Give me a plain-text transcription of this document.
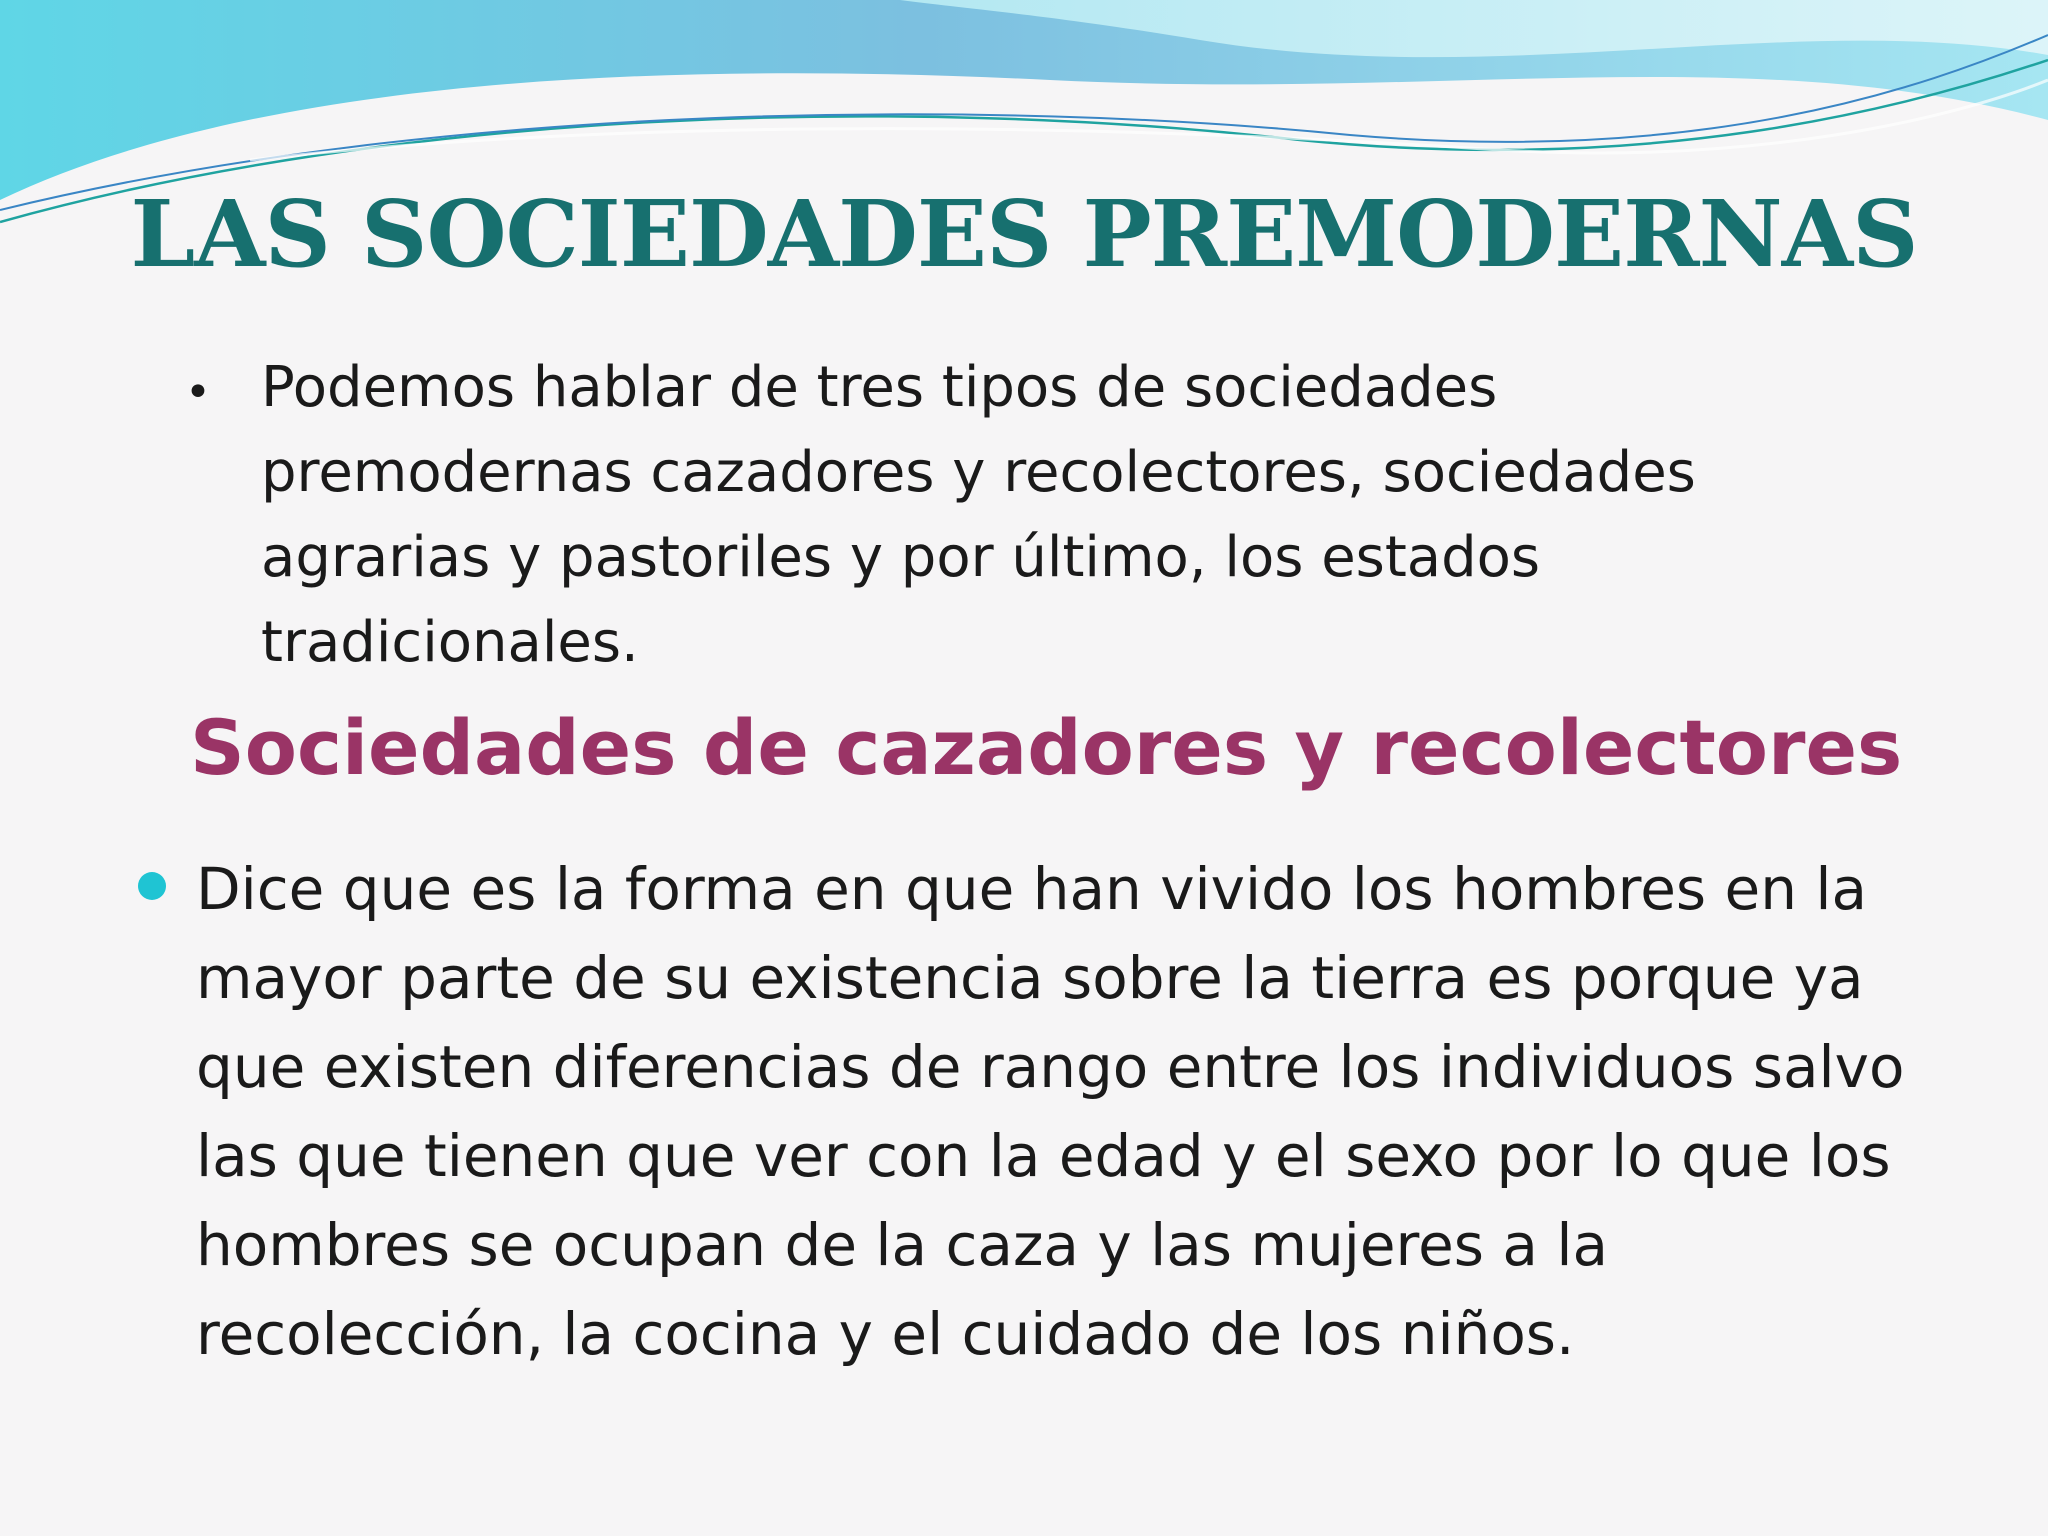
LAS SOCIEDADES PREMODERNAS
• Podemos hablar de tres tipos de sociedades premodernas cazadores y recolectores, sociedades agrarias y pastoriles y por último, los estados tradicionales.
Sociedades de cazadores y recolectores
Dice que es la forma en que han vivido los hombres en la mayor parte de su existencia sobre la tierra es porque ya que existen diferencias de rango entre los individuos salvo las que tienen que ver con la edad y el sexo por lo que los hombres se ocupan de la caza y las mujeres a la recolección, la cocina y el cuidado de los niños.
